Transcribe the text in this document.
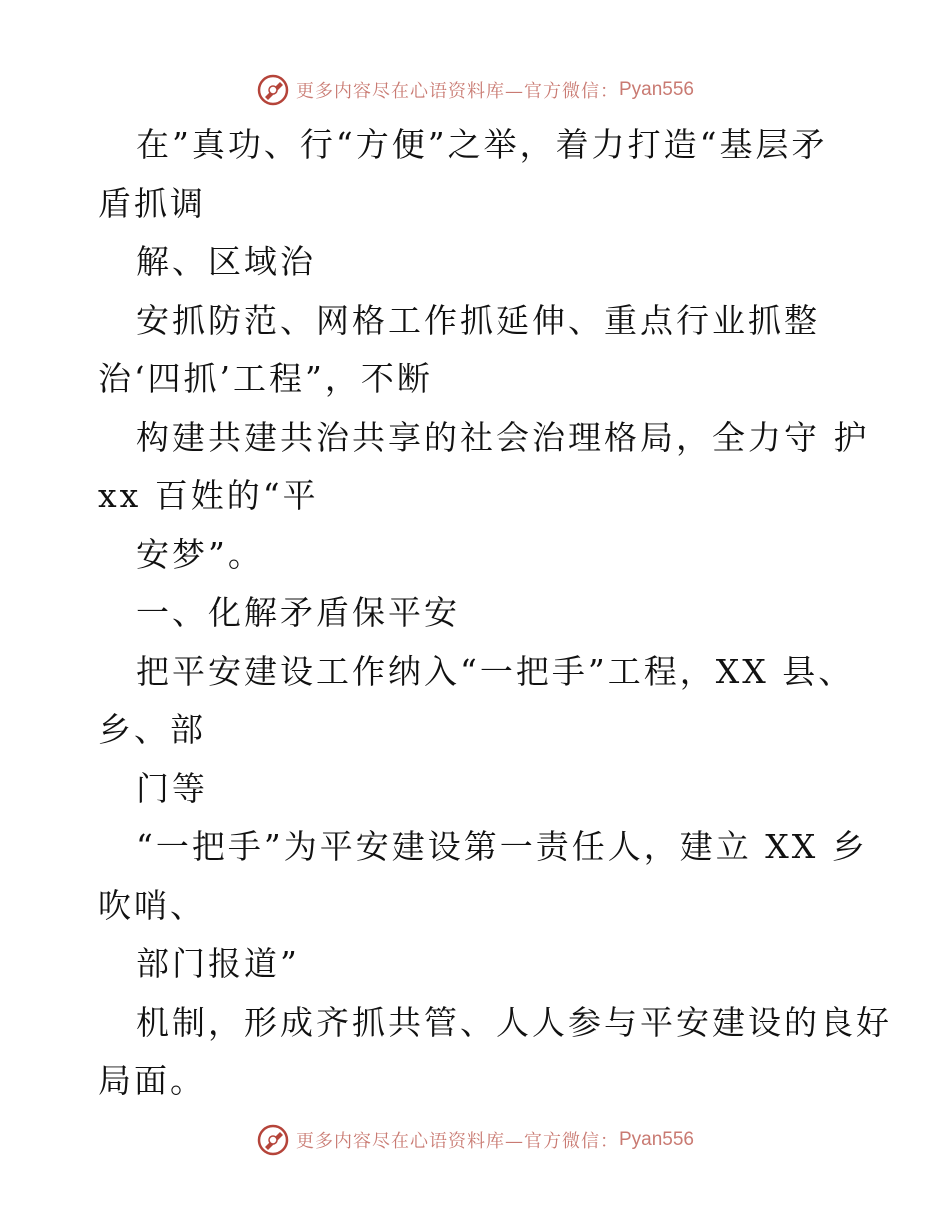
更多内容尽在心语资料库—官方微信： Pyan556
在”真功、行“方便”之举，着力打造“基层矛
盾抓调
解、区域治
安抓防范、网格工作抓延伸、重点行业抓整
治‘四抓’工程”，不断
构建共建共治共享的社会治理格局，全力守 护
xx 百姓的“平
安梦”。
一、化解矛盾保平安
把平安建设工作纳入“一把手”工程，XX 县、
乡、部
门等
“一把手”为平安建设第一责任人，建立 XX 乡
吹哨、
部门报道”
机制，形成齐抓共管、人人参与平安建设的良好
局面。
更多内容尽在心语资料库—官方微信： Pyan556
